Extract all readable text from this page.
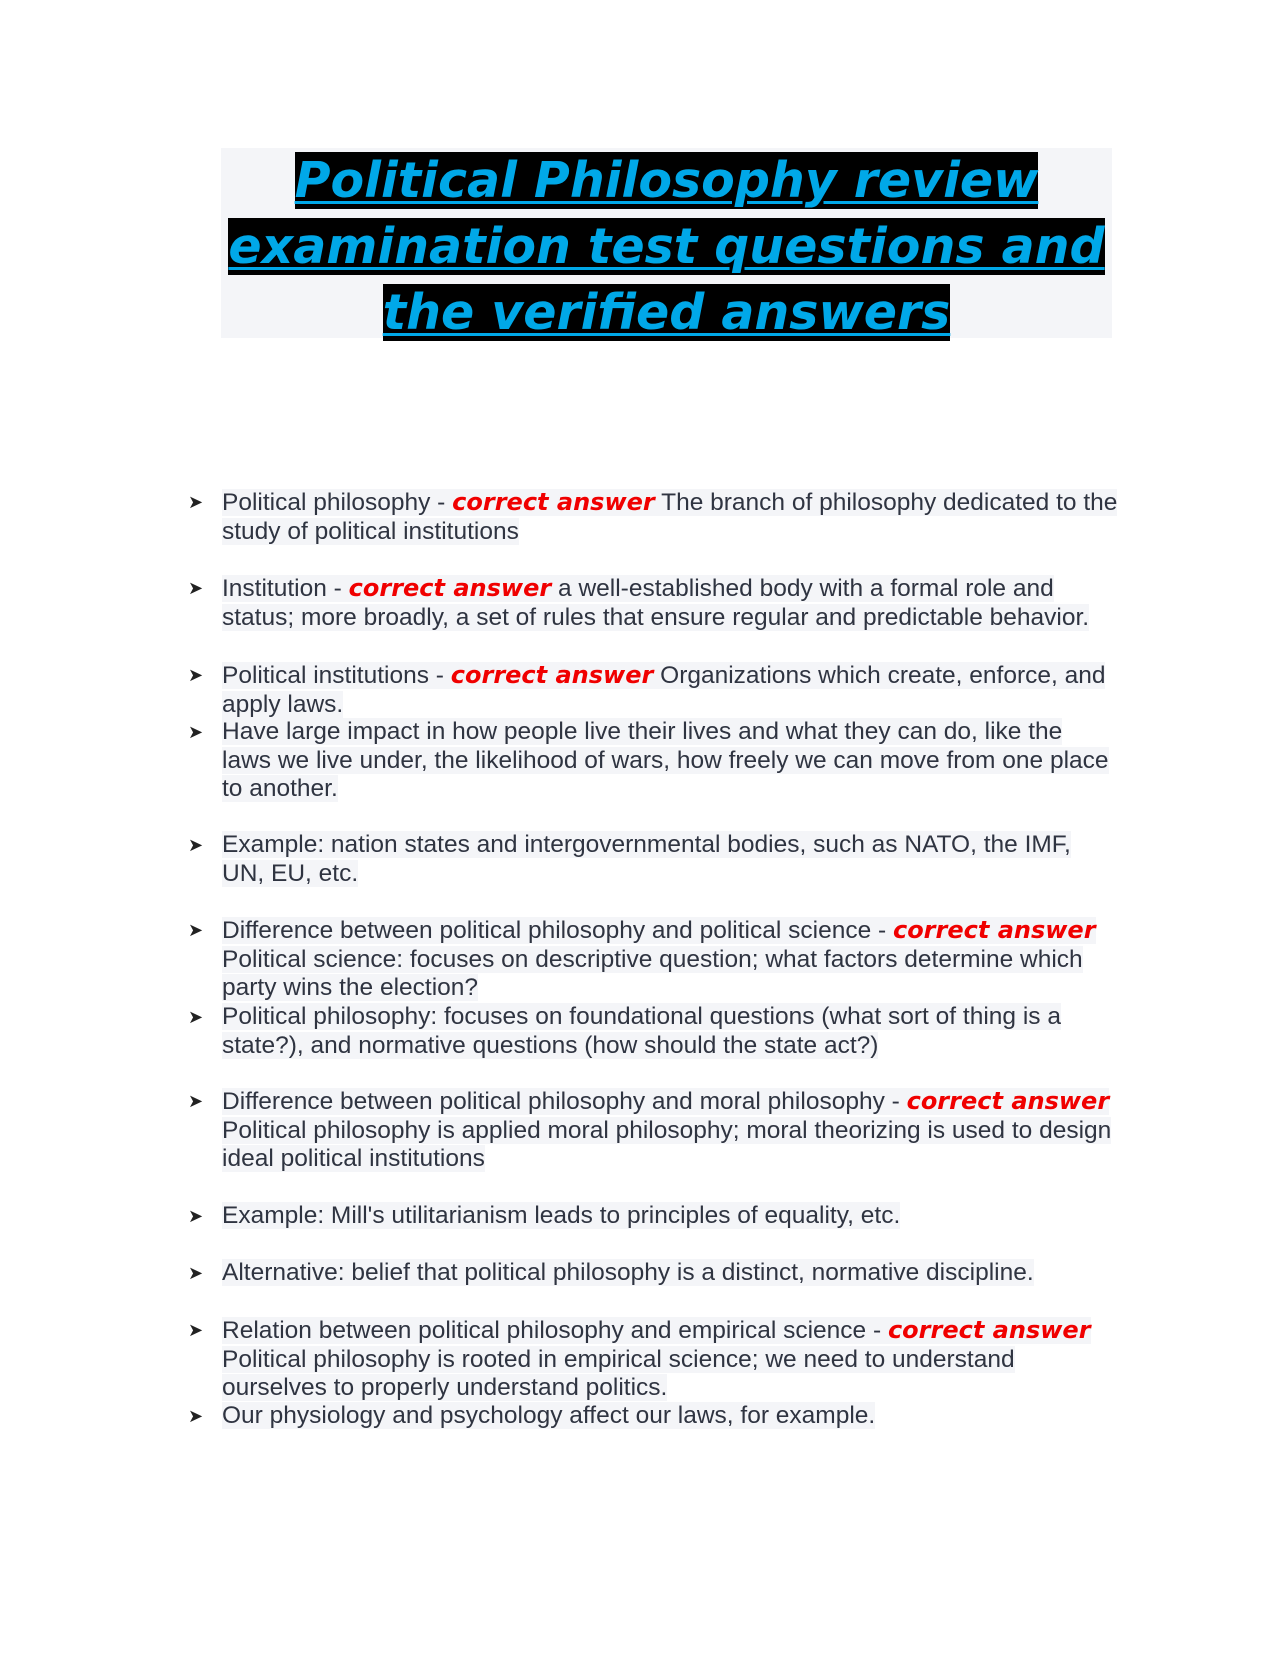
Political Philosophy review examination test questions and the verified answers
➤ Political philosophy - correct answer The branch of philosophy dedicated to the study of political institutions
➤ Institution - correct answer a well-established body with a formal role and status; more broadly, a set of rules that ensure regular and predictable behavior.
➤ Political institutions - correct answer Organizations which create, enforce, and apply laws.
➤ Have large impact in how people live their lives and what they can do, like the laws we live under, the likelihood of wars, how freely we can move from one place to another.
➤ Example: nation states and intergovernmental bodies, such as NATO, the IMF, UN, EU, etc.
➤ Difference between political philosophy and political science - correct answer Political science: focuses on descriptive question; what factors determine which party wins the election?
➤ Political philosophy: focuses on foundational questions (what sort of thing is a state?), and normative questions (how should the state act?)
➤ Difference between political philosophy and moral philosophy - correct answer Political philosophy is applied moral philosophy; moral theorizing is used to design ideal political institutions
➤ Example: Mill's utilitarianism leads to principles of equality, etc.
➤ Alternative: belief that political philosophy is a distinct, normative discipline.
➤ Relation between political philosophy and empirical science - correct answer Political philosophy is rooted in empirical science; we need to understand ourselves to properly understand politics.
➤ Our physiology and psychology affect our laws, for example.
